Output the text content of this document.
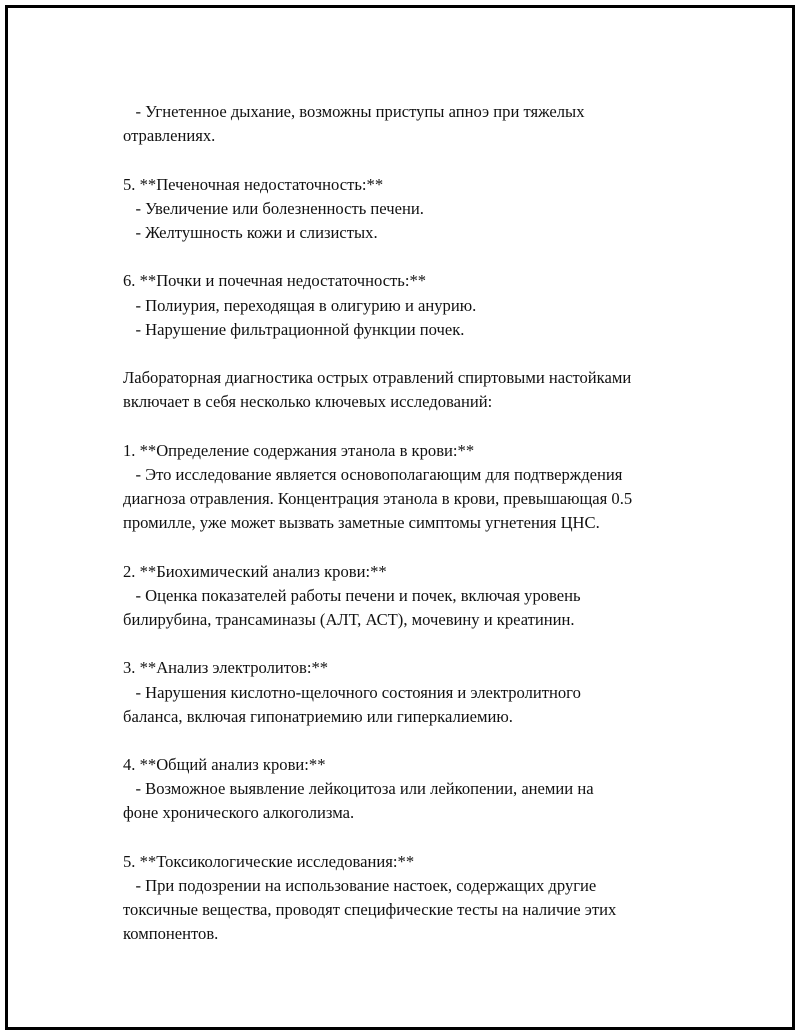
- Угнетенное дыхание, возможны приступы апноэ при тяжелых
отравлениях.
5. **Печеночная недостаточность:**
- Увеличение или болезненность печени.
- Желтушность кожи и слизистых.
6. **Почки и почечная недостаточность:**
- Полиурия, переходящая в олигурию и анурию.
- Нарушение фильтрационной функции почек.
Лабораторная диагностика острых отравлений спиртовыми настойками
включает в себя несколько ключевых исследований:
1. **Определение содержания этанола в крови:**
- Это исследование является основополагающим для подтверждения
диагноза отравления. Концентрация этанола в крови, превышающая 0.5
промилле, уже может вызвать заметные симптомы угнетения ЦНС.
2. **Биохимический анализ крови:**
- Оценка показателей работы печени и почек, включая уровень
билирубина, трансаминазы (АЛТ, АСТ), мочевину и креатинин.
3. **Анализ электролитов:**
- Нарушения кислотно-щелочного состояния и электролитного
баланса, включая гипонатриемию или гиперкалиемию.
4. **Общий анализ крови:**
- Возможное выявление лейкоцитоза или лейкопении, анемии на
фоне хронического алкоголизма.
5. **Токсикологические исследования:**
- При подозрении на использование настоек, содержащих другие
токсичные вещества, проводят специфические тесты на наличие этих
компонентов.
